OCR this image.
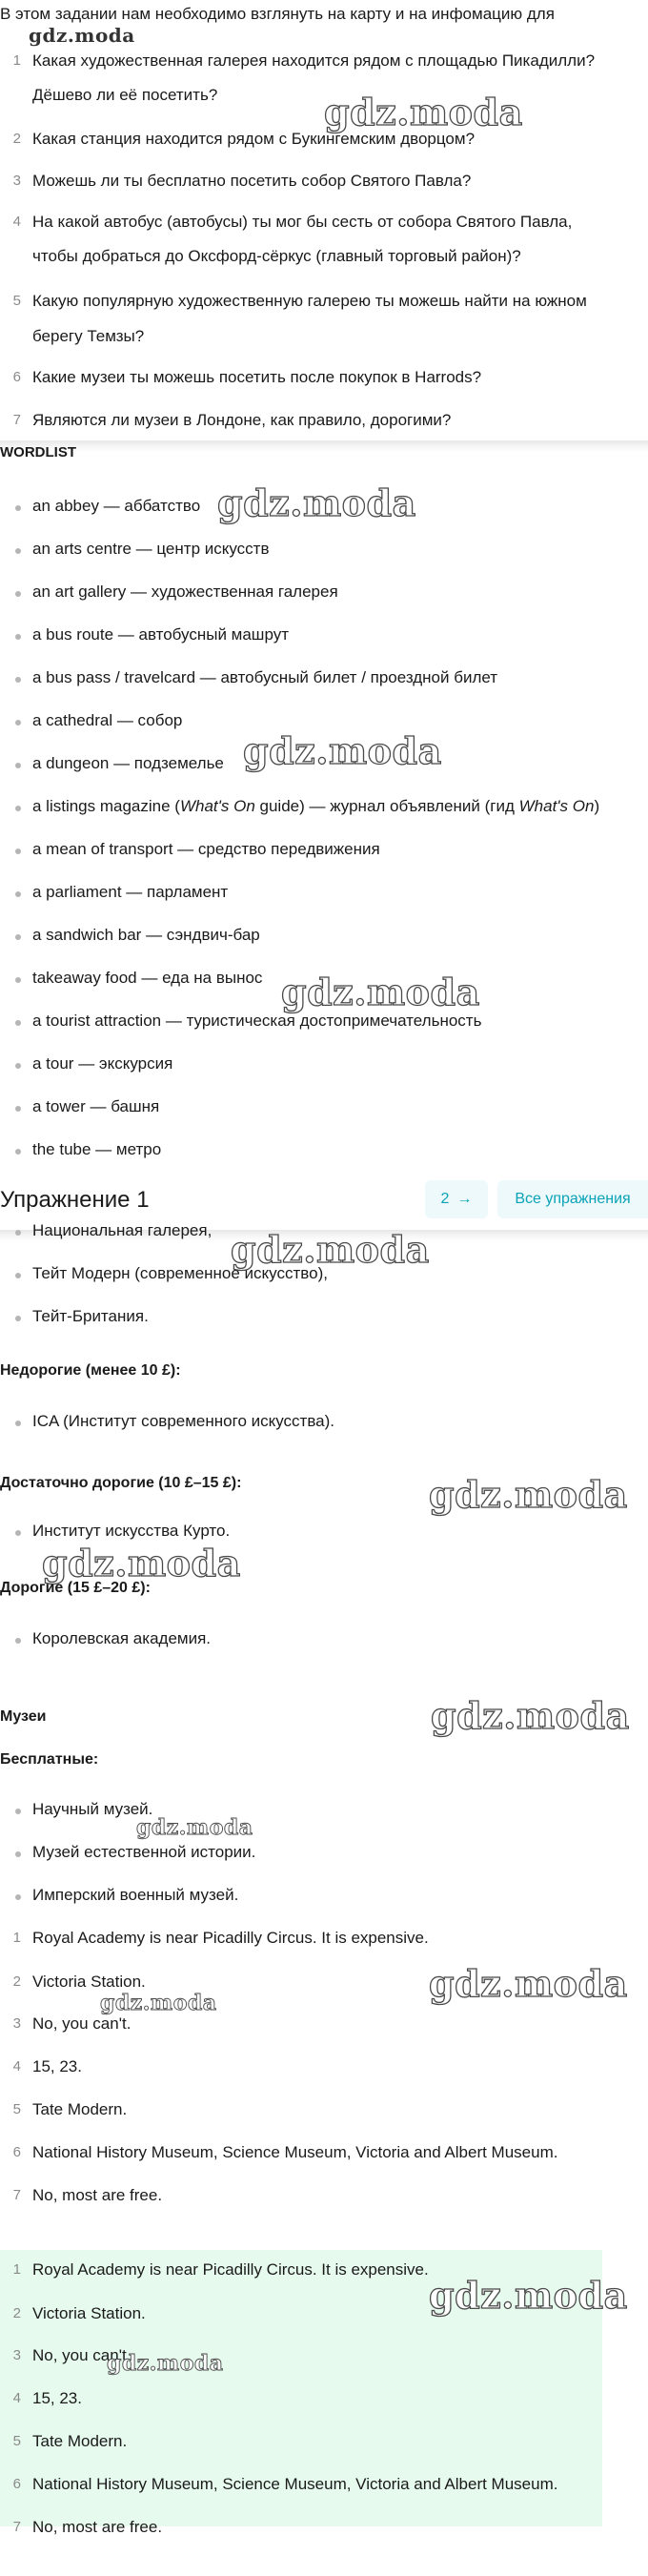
В этом задании нам необходимо взглянуть на карту и на инфомацию для
gdz.moda
1 Какая художественная галерея находится рядом с площадью Пикадилли?
Дёшево ли её посетить?
2 Какая станция находится рядом с Букингемским дворцом?
3 Можешь ли ты бесплатно посетить собор Святого Павла?
4 На какой автобус (автобусы) ты мог бы сесть от собора Святого Павла,
чтобы добраться до Оксфорд-сёркус (главный торговый район)?
5 Какую популярную художественную галерею ты можешь найти на южном
берегу Темзы?
6 Какие музеи ты можешь посетить после покупок в Harrods?
7 Являются ли музеи в Лондоне, как правило, дорогими?
gdz.moda
WORDLIST
an abbey — аббатство
an arts centre — центр искусств
an art gallery — художественная галерея
a bus route — автобусный машрут
a bus pass / travelcard — автобусный билет / проездной билет
a cathedral — собор
a dungeon — подземелье
a listings magazine (What's On guide) — журнал объявлений (гид What's On)
a mean of transport — средство передвижения
a parliament — парламент
a sandwich bar — сэндвич-бар
takeaway food — еда на вынос
a tourist attraction — туристическая достопримечательность
a tour — экскурсия
a tower — башня
the tube — метро
gdz.moda
gdz.moda
gdz.moda
Упражнение 1	2 →	Все упражнения
Национальная галерея,
Тейт Модерн (современное искусство),
Тейт-Британия.
gdz.moda
Недорогие (менее 10 £):
ICA (Институт современного искусства).
gdz.moda
Достаточно дорогие (10 £–15 £):
Институт искусства Курто.
gdz.moda
Дорогие (15 £–20 £):
Королевская академия.
Музеи	gdz.moda
Бесплатные:
Научный музей.
gdz.moda
Музей естественной истории.
Имперский военный музей.
1 Royal Academy is near Picadilly Circus. It is expensive.
2 Victoria Station.
3 No, you can't.
4 15, 23.
5 Tate Modern.
6 National History Museum, Science Museum, Victoria and Albert Museum.
7 No, most are free.
gdz.moda
gdz.moda
1 Royal Academy is near Picadilly Circus. It is expensive.
2 Victoria Station.
3 No, you can't.
4 15, 23.
5 Tate Modern.
6 National History Museum, Science Museum, Victoria and Albert Museum.
7 No, most are free.
gdz.moda
gdz.moda
